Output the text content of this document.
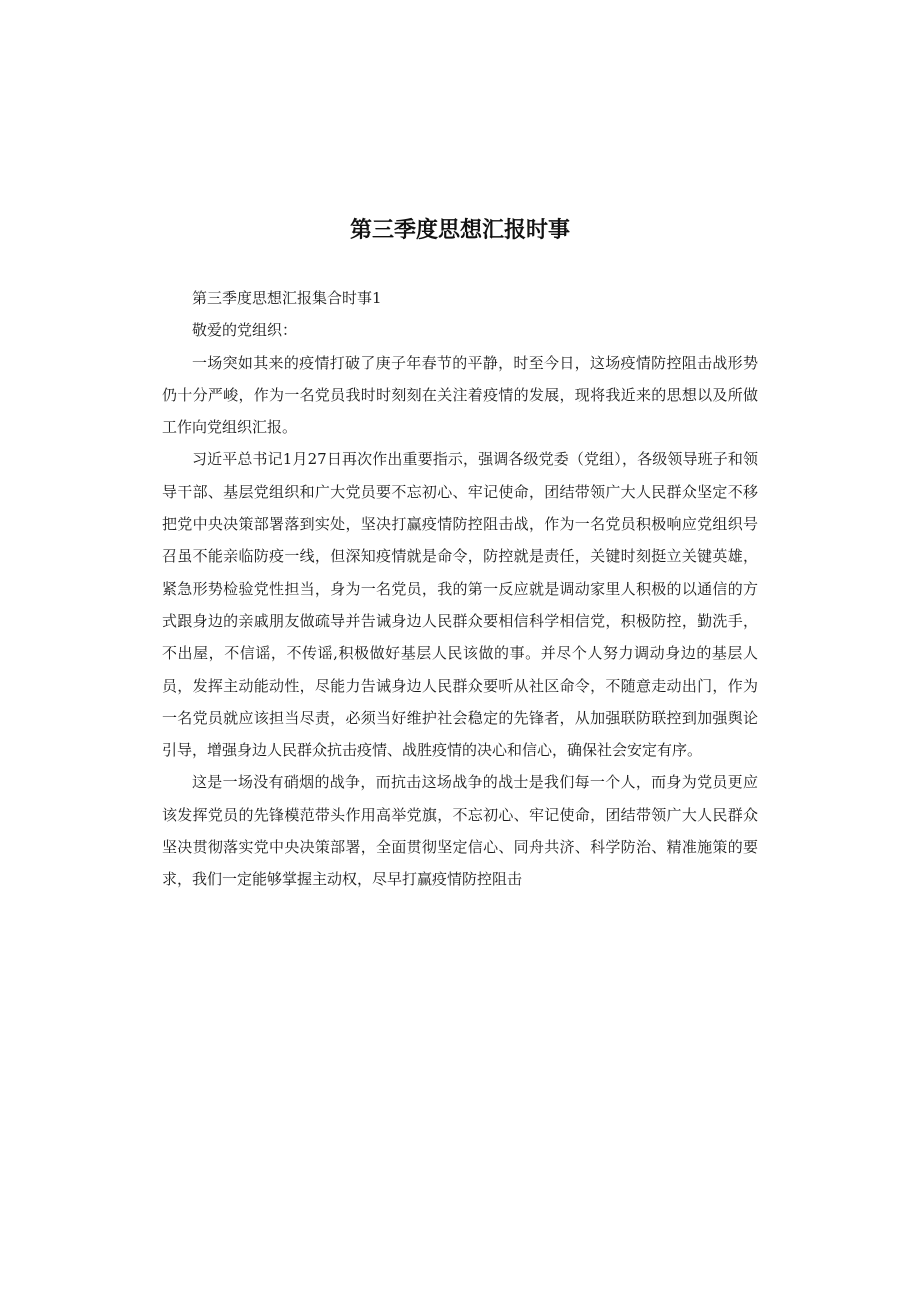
第三季度思想汇报时事

第三季度思想汇报集合时事1

敬爱的党组织：

一场突如其来的疫情打破了庚子年春节的平静，时至今日，这场疫情防控阻击战形势仍十分严峻，作为一名党员我时时刻刻在关注着疫情的发展，现将我近来的思想以及所做工作向党组织汇报。

习近平总书记1月27日再次作出重要指示，强调各级党委（党组），各级领导班子和领导干部、基层党组织和广大党员要不忘初心、牢记使命，团结带领广大人民群众坚定不移把党中央决策部署落到实处，坚决打赢疫情防控阻击战，作为一名党员积极响应党组织号召虽不能亲临防疫一线，但深知疫情就是命令，防控就是责任，关键时刻挺立关键英雄，紧急形势检验党性担当，身为一名党员，我的第一反应就是调动家里人积极的以通信的方式跟身边的亲戚朋友做疏导并告诫身边人民群众要相信科学相信党，积极防控，勤洗手，不出屋，不信谣，不传谣,积极做好基层人民该做的事。并尽个人努力调动身边的基层人员，发挥主动能动性，尽能力告诫身边人民群众要听从社区命令，不随意走动出门，作为一名党员就应该担当尽责，必须当好维护社会稳定的先锋者，从加强联防联控到加强舆论引导，增强身边人民群众抗击疫情、战胜疫情的决心和信心，确保社会安定有序。

这是一场没有硝烟的战争，而抗击这场战争的战士是我们每一个人，而身为党员更应该发挥党员的先锋模范带头作用高举党旗，不忘初心、牢记使命，团结带领广大人民群众坚决贯彻落实党中央决策部署，全面贯彻坚定信心、同舟共济、科学防治、精准施策的要求，我们一定能够掌握主动权，尽早打赢疫情防控阻击
